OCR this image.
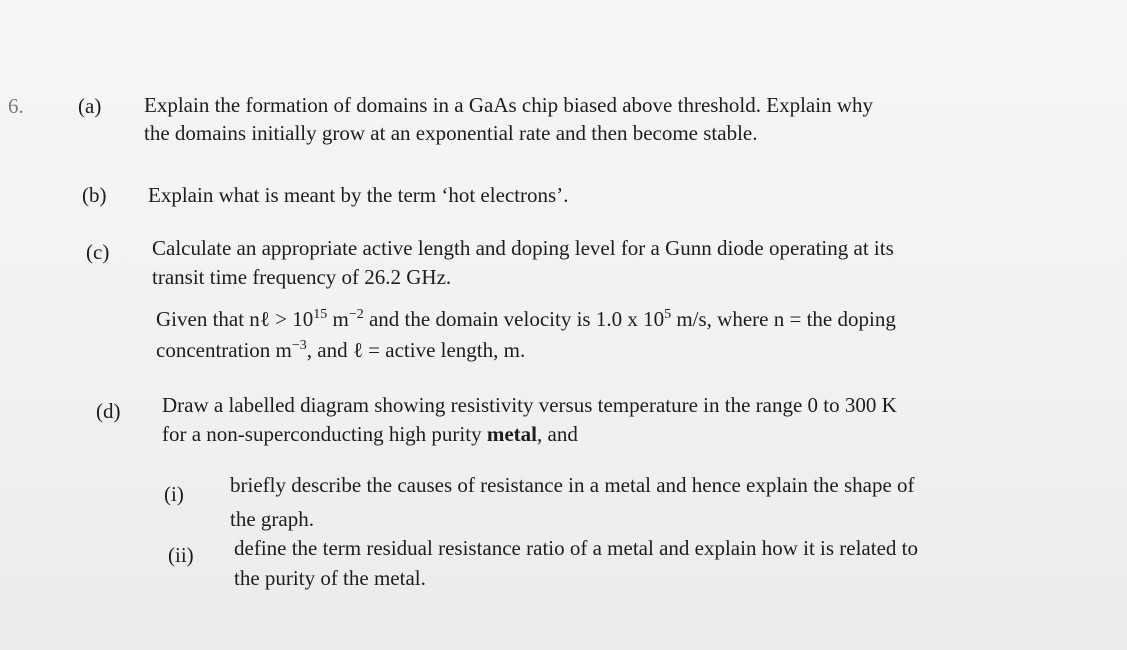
6.	(a) Explain the formation of domains in a GaAs chip biased above threshold. Explain why
the domains initially grow at an exponential rate and then become stable.
(b) Explain what is meant by the term ‘hot electrons’.
(c) Calculate an appropriate active length and doping level for a Gunn diode operating at its
transit time frequency of 26.2 GHz.
Given that nℓ > $10^{15}$ $m^{-2}$ and the domain velocity is 1.0 x $10^5$ m/s, where n = the doping
concentration $m^{-3}$, and ℓ = active length, m.
(d) Draw a labelled diagram showing resistivity versus temperature in the range 0 to 300 K
for a non-superconducting high purity metal, and
(i) briefly describe the causes of resistance in a metal and hence explain the shape of
the graph.
(ii) define the term residual resistance ratio of a metal and explain how it is related to
the purity of the metal.
